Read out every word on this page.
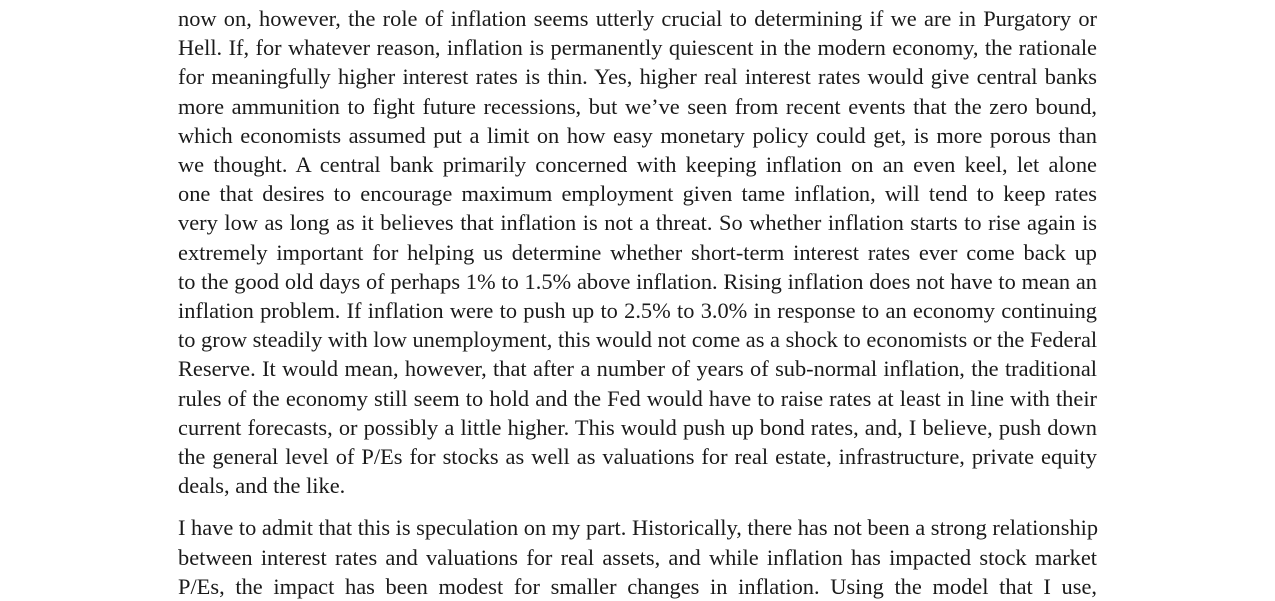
now on, however, the role of inflation seems utterly crucial to determining if we are in Purgatory or
Hell. If, for whatever reason, inflation is permanently quiescent in the modern economy, the rationale
for meaningfully higher interest rates is thin. Yes, higher real interest rates would give central banks
more ammunition to fight future recessions, but we’ve seen from recent events that the zero bound,
which economists assumed put a limit on how easy monetary policy could get, is more porous than
we thought. A central bank primarily concerned with keeping inflation on an even keel, let alone
one that desires to encourage maximum employment given tame inflation, will tend to keep rates
very low as long as it believes that inflation is not a threat. So whether inflation starts to rise again is
extremely important for helping us determine whether short-term interest rates ever come back up
to the good old days of perhaps 1% to 1.5% above inflation. Rising inflation does not have to mean an
inflation problem. If inflation were to push up to 2.5% to 3.0% in response to an economy continuing
to grow steadily with low unemployment, this would not come as a shock to economists or the Federal
Reserve. It would mean, however, that after a number of years of sub-normal inflation, the traditional
rules of the economy still seem to hold and the Fed would have to raise rates at least in line with their
current forecasts, or possibly a little higher. This would push up bond rates, and, I believe, push down
the general level of P/Es for stocks as well as valuations for real estate, infrastructure, private equity
deals, and the like.

I have to admit that this is speculation on my part. Historically, there has not been a strong relationship
between interest rates and valuations for real assets, and while inflation has impacted stock market
P/Es, the impact has been modest for smaller changes in inflation. Using the model that I use,
